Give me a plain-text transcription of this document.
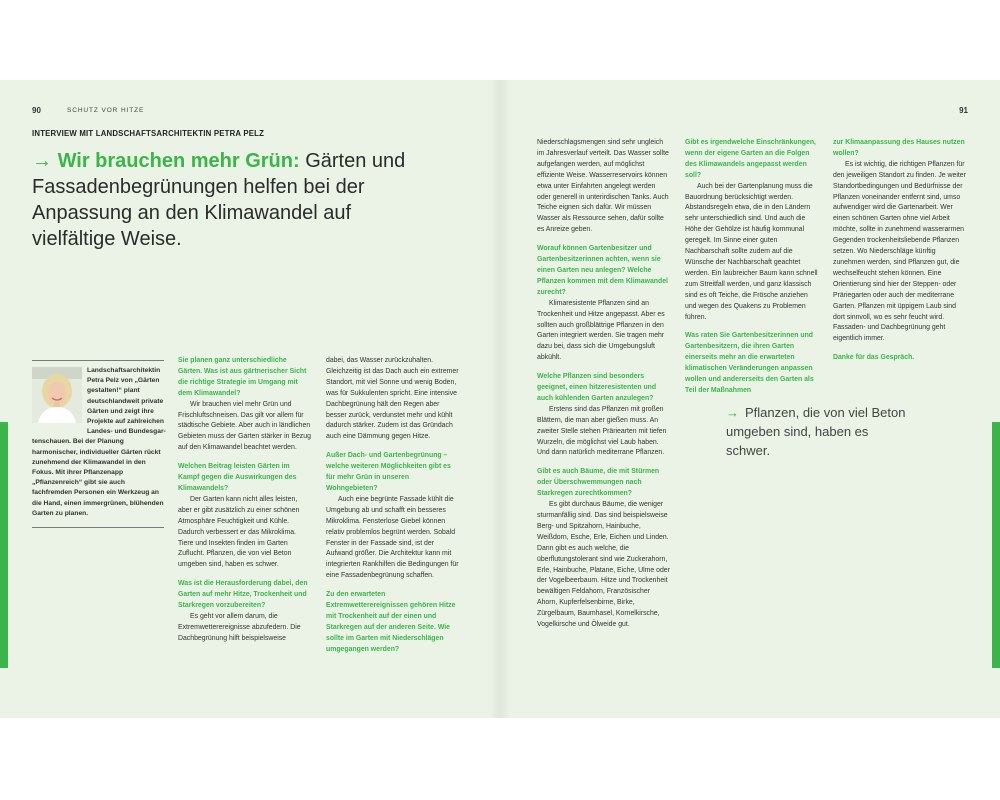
90	SCHUTZ VOR HITZE
INTERVIEW MIT LANDSCHAFTSARCHITEKTIN PETRA PELZ
→ Wir brauchen mehr Grün: Gärten und Fassadenbegrünungen helfen bei der Anpassung an den Klimawandel auf vielfältige Weise.
Landschaftsarchitektin Petra Pelz von „Gärten gestalten!“ plant deutschlandweit private Gärten und zeigt ihre Projekte auf zahlreichen Landes- und Bundesgar-
tenschauen. Bei der Planung harmonischer, individueller Gärten rückt zunehmend der Klimawandel in den Fokus. Mit ihrer Pflanzenapp „Pflanzenreich“ gibt sie auch fachfremden Personen ein Werkzeug an die Hand, einen immergrünen, blühenden Garten zu planen.

Sie planen ganz unterschiedliche Gärten. Was ist aus gärtnerischer Sicht die richtige Strategie im Umgang mit dem Klimawandel?

Wir brauchen viel mehr Grün und Frischluftschneisen. Das gilt vor allem für städtische Gebiete. Aber auch in ländlichen Gebieten muss der Garten stärker in Bezug auf den Klimawandel beachtet werden.

Welchen Beitrag leisten Gärten im Kampf gegen die Auswirkungen des Klimawandels?

Der Garten kann nicht alles leisten, aber er gibt zusätzlich zu einer schönen Atmosphäre Feuchtigkeit und Kühle. Dadurch verbessert er das Mikroklima. Tiere und Insekten finden im Garten Zuflucht. Pflanzen, die von viel Beton umgeben sind, haben es schwer.

Was ist die Herausforderung dabei, den Garten auf mehr Hitze, Trockenheit und Starkregen vorzubereiten?

Es geht vor allem darum, die Extremwetterereignisse abzufedern. Die Dachbegrünung hilft beispielsweise

dabei, das Wasser zurückzuhalten. Gleichzeitig ist das Dach auch ein extremer Standort, mit viel Sonne und wenig Boden, was für Sukkulenten spricht. Eine intensive Dachbegrünung hält den Regen aber besser zurück, verdunstet mehr und kühlt dadurch stärker. Zudem ist das Gründach auch eine Dämmung gegen Hitze.

Außer Dach- und Gartenbegrünung – welche weiteren Möglichkeiten gibt es für mehr Grün in unseren Wohngebieten?

Auch eine begrünte Fassade kühlt die Umgebung ab und schafft ein besseres Mikroklima. Fensterlose Giebel können relativ problemlos begrünt werden. Sobald Fenster in der Fassade sind, ist der Aufwand größer. Die Architektur kann mit integrierten Rankhilfen die Bedingungen für eine Fassadenbegrünung schaffen.

Zu den erwarteten Extremwetterereignissen gehören Hitze mit Trockenheit auf der einen und Starkregen auf der anderen Seite. Wie sollte im Garten mit Niederschlägen umgegangen werden?

91

Niederschlagsmengen sind sehr ungleich im Jahresverlauf verteilt. Das Wasser sollte aufgefangen werden, auf möglichst effiziente Weise. Wasserreservoirs können etwa unter Einfahrten angelegt werden oder generell in unterirdischen Tanks. Auch Teiche eignen sich dafür. Wir müssen Wasser als Ressource sehen, dafür sollte es Anreize geben.

Worauf können Gartenbesitzer und Gartenbesitzerinnen achten, wenn sie einen Garten neu anlegen? Welche Pflanzen kommen mit dem Klimawandel zurecht?

Klimaresistente Pflanzen sind an Trockenheit und Hitze angepasst. Aber es sollten auch großblättrige Pflanzen in den Garten integriert werden. Sie tragen mehr dazu bei, dass sich die Umgebungsluft abkühlt.

Welche Pflanzen sind besonders geeignet, einen hitzeresistenten und auch kühlenden Garten anzulegen?

Erstens sind das Pflanzen mit großen Blättern, die man aber gießen muss. An zweiter Stelle stehen Präriearten mit tiefen Wurzeln, die möglichst viel Laub haben. Und dann natürlich mediterrane Pflanzen.

Gibt es auch Bäume, die mit Stürmen oder Überschwemmungen nach Starkregen zurechtkommen?

Es gibt durchaus Bäume, die weniger sturmanfällig sind. Das sind beispielsweise Berg- und Spitzahorn, Hainbuche, Weißdorn, Esche, Erle, Eichen und Linden. Dann gibt es auch welche, die überflutungstolerant sind wie Zuckerahorn, Erle, Hainbuche, Platane, Eiche, Ulme oder der Vogelbeerbaum. Hitze und Trockenheit bewältigen Feldahorn, Französischer Ahorn, Kupferfelsenbirne, Birke, Zürgelbaum, Baumhasel, Kornelkirsche, Vogelkirsche und Ölweide gut.

Gibt es irgendwelche Einschränkungen, wenn der eigene Garten an die Folgen des Klimawandels angepasst werden soll?

Auch bei der Gartenplanung muss die Bauordnung berücksichtigt werden. Abstandsregeln etwa, die in den Ländern sehr unterschiedlich sind. Und auch die Höhe der Gehölze ist häufig kommunal geregelt. Im Sinne einer guten Nachbarschaft sollte zudem auf die Wünsche der Nachbarschaft geachtet werden. Ein laubreicher Baum kann schnell zum Streitfall werden, und ganz klassisch sind es oft Teiche, die Frösche anziehen und wegen des Quakens zu Problemen führen.

Was raten Sie Gartenbesitzerinnen und Gartenbesitzern, die ihren Garten einerseits mehr an die erwarteten klimatischen Veränderungen anpassen wollen und andererseits den Garten als Teil der Maßnahmen

zur Klimaanpassung des Hauses nutzen wollen?

Es ist wichtig, die richtigen Pflanzen für den jeweiligen Standort zu finden. Je weiter Standortbedingungen und Bedürfnisse der Pflanzen voneinander entfernt sind, umso aufwendiger wird die Gartenarbeit. Wer einen schönen Garten ohne viel Arbeit möchte, sollte in zunehmend wasserarmen Gegenden trockenheitsliebende Pflanzen setzen. Wo Niederschläge künftig zunehmen werden, sind Pflanzen gut, die wechselfeucht stehen können. Eine Orientierung sind hier der Steppen- oder Präriegarten oder auch der mediterrane Garten. Pflanzen mit üppigem Laub sind dort sinnvoll, wo es sehr feucht wird. Fassaden- und Dachbegrünung geht eigentlich immer.

Danke für das Gespräch.

→ Pflanzen, die von viel Beton umgeben sind, haben es schwer.
